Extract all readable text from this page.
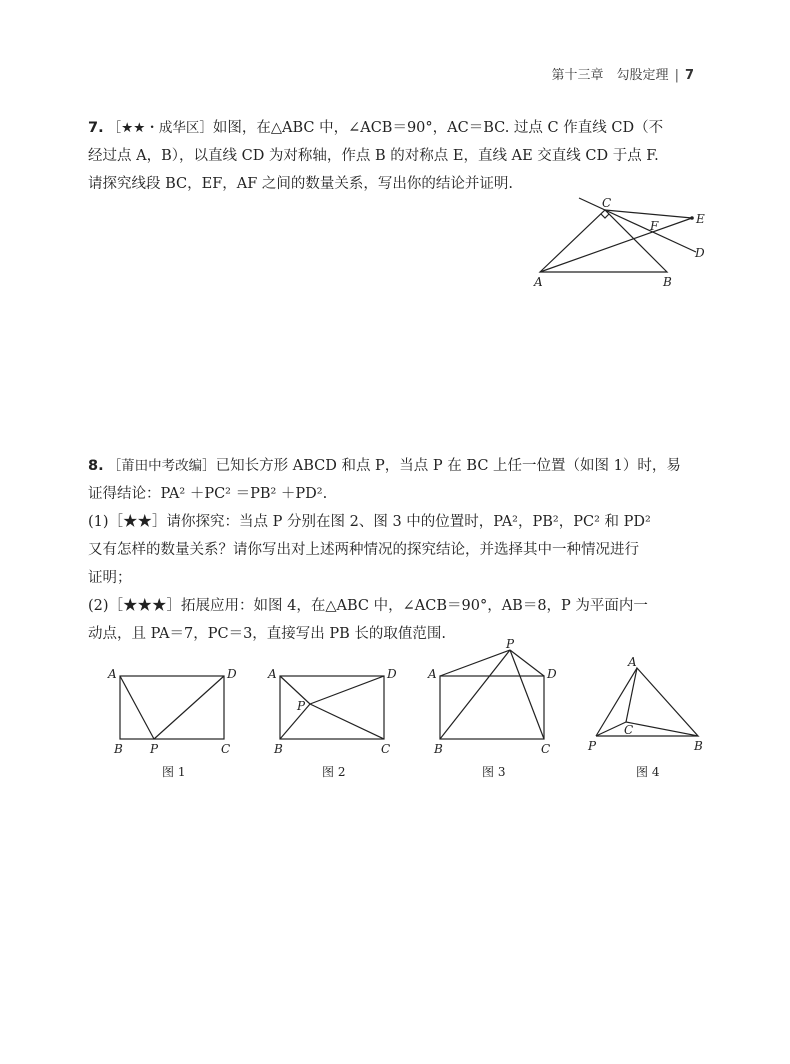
第十三章　勾股定理 | 7

7. ［★★・成华区］如图，在△ABC 中，∠ACB＝90°，AC＝BC. 过点 C 作直线 CD（不

经过点 A，B），以直线 CD 为对称轴，作点 B 的对称点 E，直线 AE 交直线 CD 于点 F.

请探究线段 BC，EF，AF 之间的数量关系，写出你的结论并证明.

C
F	E
D
A	B

8. ［莆田中考改编］已知长方形 ABCD 和点 P，当点 P 在 BC 上任一位置（如图 1）时，易

证得结论：PA² ＋PC² ＝PB² ＋PD².

(1)［★★］请你探究：当点 P 分别在图 2、图 3 中的位置时，PA²，PB²，PC² 和 PD²

又有怎样的数量关系？请你写出对上述两种情况的探究结论，并选择其中一种情况进行

证明；

(2)［★★★］拓展应用：如图 4，在△ABC 中，∠ACB＝90°，AB＝8，P 为平面内一

动点，且 PA＝7，PC＝3，直接写出 PB 长的取值范围.

A	D
B P	C
图 1
A	D
P
B	C
图 2
P
A	D
B	C
图 3
A
C
P	B
图 4
